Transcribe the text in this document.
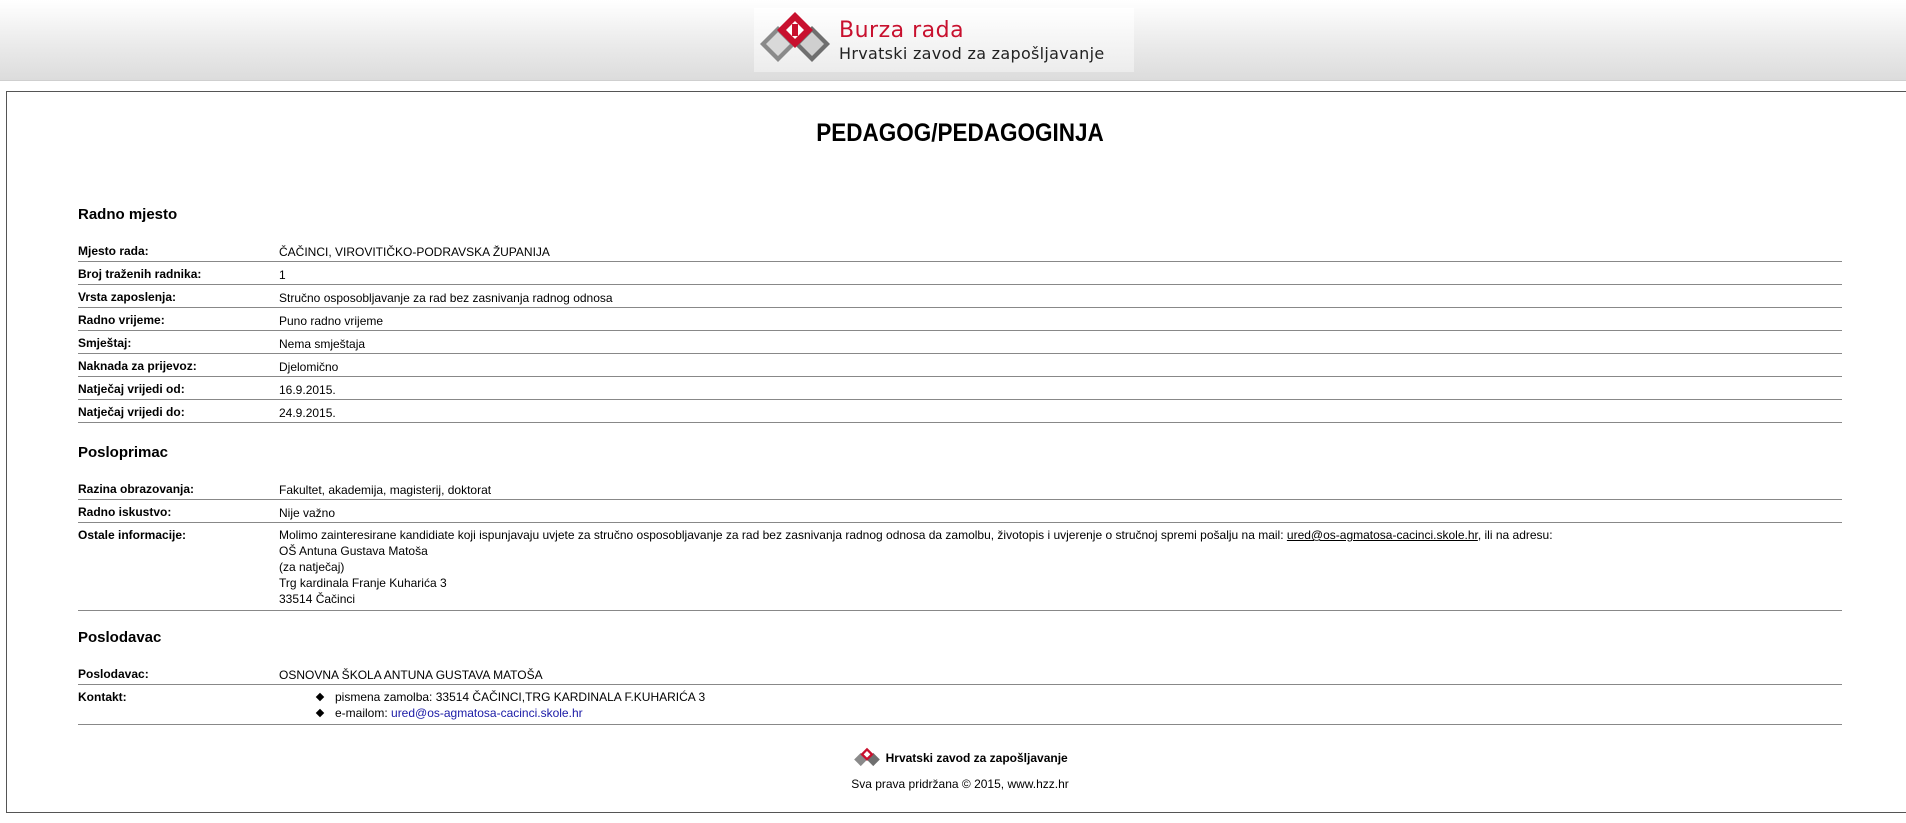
Burza rada
Hrvatski zavod za zapošljavanje
PEDAGOG/PEDAGOGINJA
Radno mjesto
Mjesto rada:	ČAČINCI, VIROVITIČKO-PODRAVSKA ŽUPANIJA
Broj traženih radnika:	1
Vrsta zaposlenja:	Stručno osposobljavanje za rad bez zasnivanja radnog odnosa
Radno vrijeme:	Puno radno vrijeme
Smještaj:	Nema smještaja
Naknada za prijevoz:	Djelomično
Natječaj vrijedi od:	16.9.2015.
Natječaj vrijedi do:	24.9.2015.
Posloprimac
Razina obrazovanja:	Fakultet, akademija, magisterij, doktorat
Radno iskustvo:	Nije važno
Ostale informacije:	Molimo zainteresirane kandidiate koji ispunjavaju uvjete za stručno osposobljavanje za rad bez zasnivanja radnog odnosa da zamolbu, životopis i uvjerenje o stručnoj spremi pošalju na mail: ured@os-agmatosa-cacinci.skole.hr, ili na adresu:
OŠ Antuna Gustava Matoša
(za natječaj)
Trg kardinala Franje Kuharića 3
33514 Čačinci
Poslodavac
Poslodavac:	OSNOVNA ŠKOLA ANTUNA GUSTAVA MATOŠA
Kontakt:	pismena zamolba: 33514 ČAČINCI,TRG KARDINALA F.KUHARIĆA 3
e-mailom: ured@os-agmatosa-cacinci.skole.hr
Hrvatski zavod za zapošljavanje
Sva prava pridržana © 2015, www.hzz.hr
